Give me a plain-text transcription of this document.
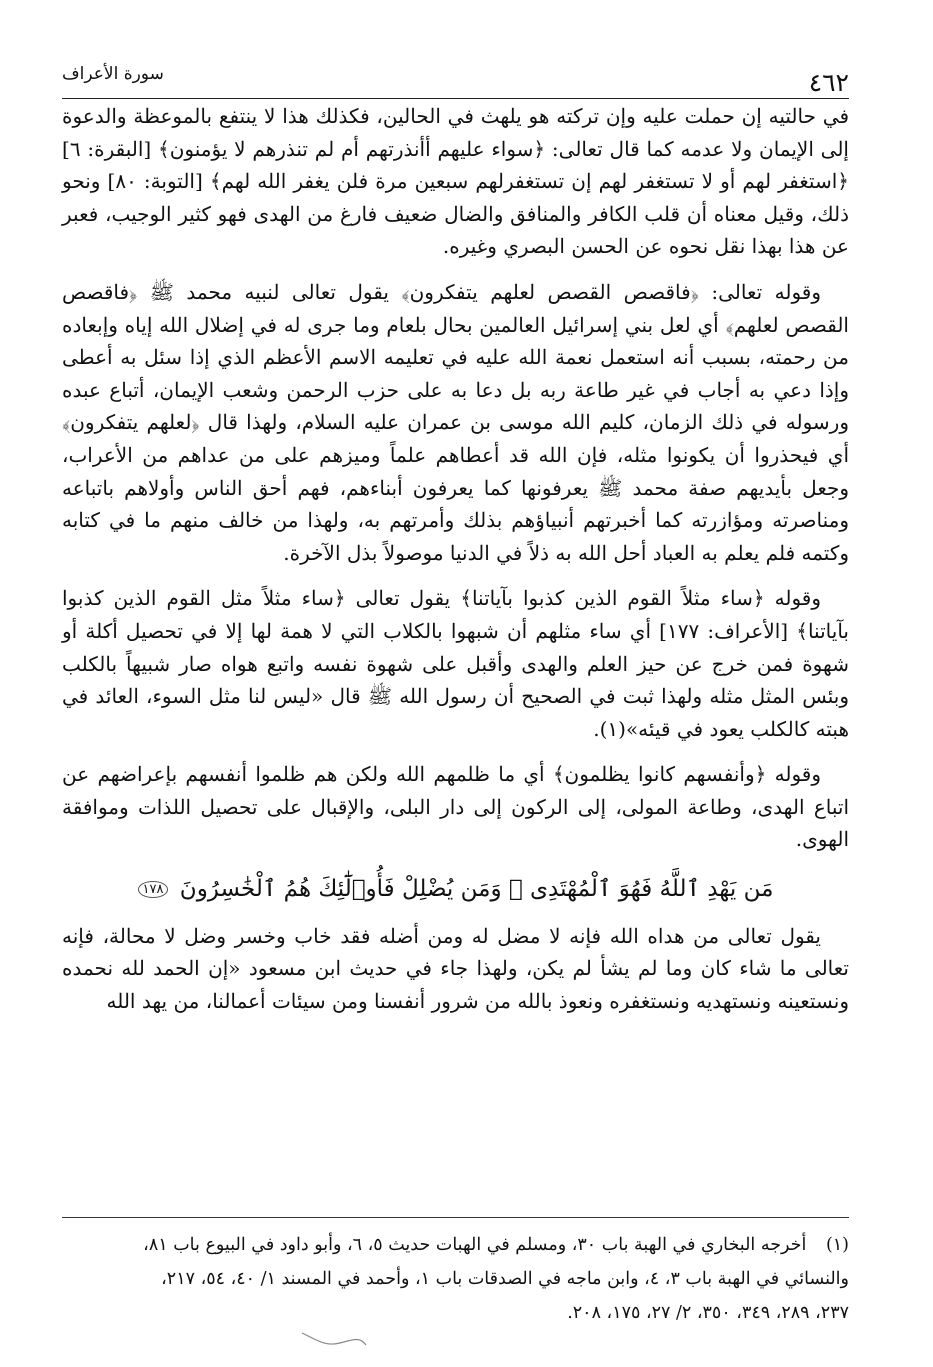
٤٦٢
سورة الأعراف

في حالتيه إن حملت عليه وإن تركته هو يلهث في الحالين، فكذلك هذا لا ينتفع بالموعظة والدعوة إلى الإيمان ولا عدمه كما قال تعالى: ﴿سواء عليهم أأنذرتهم أم لم تنذرهم لا يؤمنون﴾ [البقرة: ٦] ﴿استغفر لهم أو لا تستغفر لهم إن تستغفرلهم سبعين مرة فلن يغفر الله لهم﴾ [التوبة: ٨٠] ونحو ذلك، وقيل معناه أن قلب الكافر والمنافق والضال ضعيف فارغ من الهدى فهو كثير الوجيب، فعبر عن هذا بهذا نقل نحوه عن الحسن البصري وغيره.

وقوله تعالى: ﴿فاقصص القصص لعلهم يتفكرون﴾ يقول تعالى لنبيه محمد ﷺ ﴿فاقصص القصص لعلهم﴾ أي لعل بني إسرائيل العالمين بحال بلعام وما جرى له في إضلال الله إياه وإبعاده من رحمته، بسبب أنه استعمل نعمة الله عليه في تعليمه الاسم الأعظم الذي إذا سئل به أعطى وإذا دعي به أجاب في غير طاعة ربه بل دعا به على حزب الرحمن وشعب الإيمان، أتباع عبده ورسوله في ذلك الزمان، كليم الله موسى بن عمران عليه السلام، ولهذا قال ﴿لعلهم يتفكرون﴾ أي فيحذروا أن يكونوا مثله، فإن الله قد أعطاهم علماً وميزهم على من عداهم من الأعراب، وجعل بأيديهم صفة محمد ﷺ يعرفونها كما يعرفون أبناءهم، فهم أحق الناس وأولاهم باتباعه ومناصرته ومؤازرته كما أخبرتهم أنبياؤهم بذلك وأمرتهم به، ولهذا من خالف منهم ما في كتابه وكتمه فلم يعلم به العباد أحل الله به ذلاً في الدنيا موصولاً بذل الآخرة.

وقوله ﴿ساء مثلاً القوم الذين كذبوا بآياتنا﴾ يقول تعالى ﴿ساء مثلاً مثل القوم الذين كذبوا بآياتنا﴾ [الأعراف: ١٧٧] أي ساء مثلهم أن شبهوا بالكلاب التي لا همة لها إلا في تحصيل أكلة أو شهوة فمن خرج عن حيز العلم والهدى وأقبل على شهوة نفسه واتبع هواه صار شبيهاً بالكلب وبئس المثل مثله ولهذا ثبت في الصحيح أن رسول الله ﷺ قال «ليس لنا مثل السوء، العائد في هبته كالكلب يعود في قيئه»(١).

وقوله ﴿وأنفسهم كانوا يظلمون﴾ أي ما ظلمهم الله ولكن هم ظلموا أنفسهم بإعراضهم عن اتباع الهدى، وطاعة المولى، إلى الركون إلى دار البلى، والإقبال على تحصيل اللذات وموافقة الهوى.

مَن يَهْدِ ٱللَّهُ فَهُوَ ٱلْمُهْتَدِى ۖ وَمَن يُضْلِلْ فَأُو۟لَٰٓئِكَ هُمُ ٱلْخَٰسِرُونَ ١٧٨

يقول تعالى من هداه الله فإنه لا مضل له ومن أضله فقد خاب وخسر وضل لا محالة، فإنه تعالى ما شاء كان وما لم يشأ لم يكن، ولهذا جاء في حديث ابن مسعود «إن الحمد لله نحمده ونستعينه ونستهديه ونستغفره ونعوذ بالله من شرور أنفسنا ومن سيئات أعمالنا، من يهد الله

(١) أخرجه البخاري في الهبة باب ٣٠، ومسلم في الهبات حديث ٥، ٦، وأبو داود في البيوع باب ٨١،
والنسائي في الهبة باب ٣، ٤، وابن ماجه في الصدقات باب ١، وأحمد في المسند ١/ ٤٠، ٥٤، ٢١٧،
٢٣٧، ٢٨٩، ٣٤٩، ٣٥٠، ٢/ ٢٧، ١٧٥، ٢٠٨.
